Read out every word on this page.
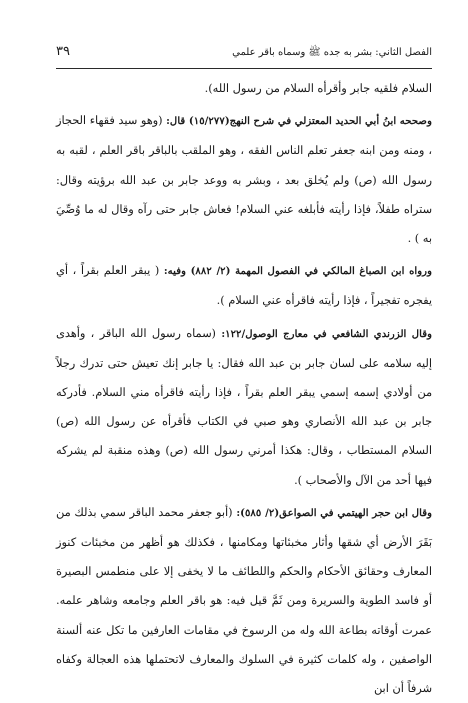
٣٩	الفصل الثاني: بشر به جده ﷺ وسماه باقر علمي

السلام فلقيه جابر وأقرأه السلام من رسول الله).

وصححه ابنُ أبي الحديد المعتزلي في شرح النهج(١٥/٢٧٧) قال: (وهو سيد فقهاء الحجاز ، ومنه ومن ابنه جعفر تعلم الناس الفقه ، وهو الملقب بالباقر باقر العلم ، لقبه به رسول الله (ص) ولم يُخلق بعد ، وبشر به ووعد جابر بن عبد الله برؤيته وقال: ستراه طفلاً، فإذا رأيته فأبلغه عني السلام! فعاش جابر حتى رآه وقال له ما وُصِّيَ به ) .

ورواه ابن الصباغ المالكي في الفصول المهمة (٢/ ٨٨٢) وفيه: ( يبقر العلم بقراً ، أي يفجره تفجيراً ، فإذا رأيته فاقرأه عني السلام ).

وقال الزرندي الشافعي في معارج الوصول/١٢٢: (سماه رسول الله الباقر ، وأهدى إليه سلامه على لسان جابر بن عبد الله فقال: يا جابر إنك تعيش حتى تدرك رجلاً من أولادي إسمه إسمي يبقر العلم بقراً ، فإذا رأيته فاقرأه مني السلام. فأدركه جابر بن عبد الله الأنصاري وهو صبي في الكتاب فأقرأه عن رسول الله (ص) السلام المستطاب ، وقال: هكذا أمرني رسول الله (ص) وهذه منقبة لم يشركه فيها أحد من الآل والأصحاب ).

وقال ابن حجر الهيتمي في الصواعق(٢/ ٥٨٥): (أبو جعفر محمد الباقر سمي بذلك من بَقَرَ الأرض أي شقها وأثار مخبئاتها ومكامنها ، فكذلك هو أظهر من مخبئات كنوز المعارف وحقائق الأحكام والحكم واللطائف ما لا يخفى إلا على منطمس البصيرة أو فاسد الطوية والسريرة ومن ثَمَّ قيل فيه: هو باقر العلم وجامعه وشاهر علمه. عمرت أوقاته بطاعة الله وله من الرسوخ في مقامات العارفين ما تكل عنه ألسنة الواصفين ، وله كلمات كثيرة في السلوك والمعارف لاتحتملها هذه العجالة وكفاه شرفاً أن ابن
